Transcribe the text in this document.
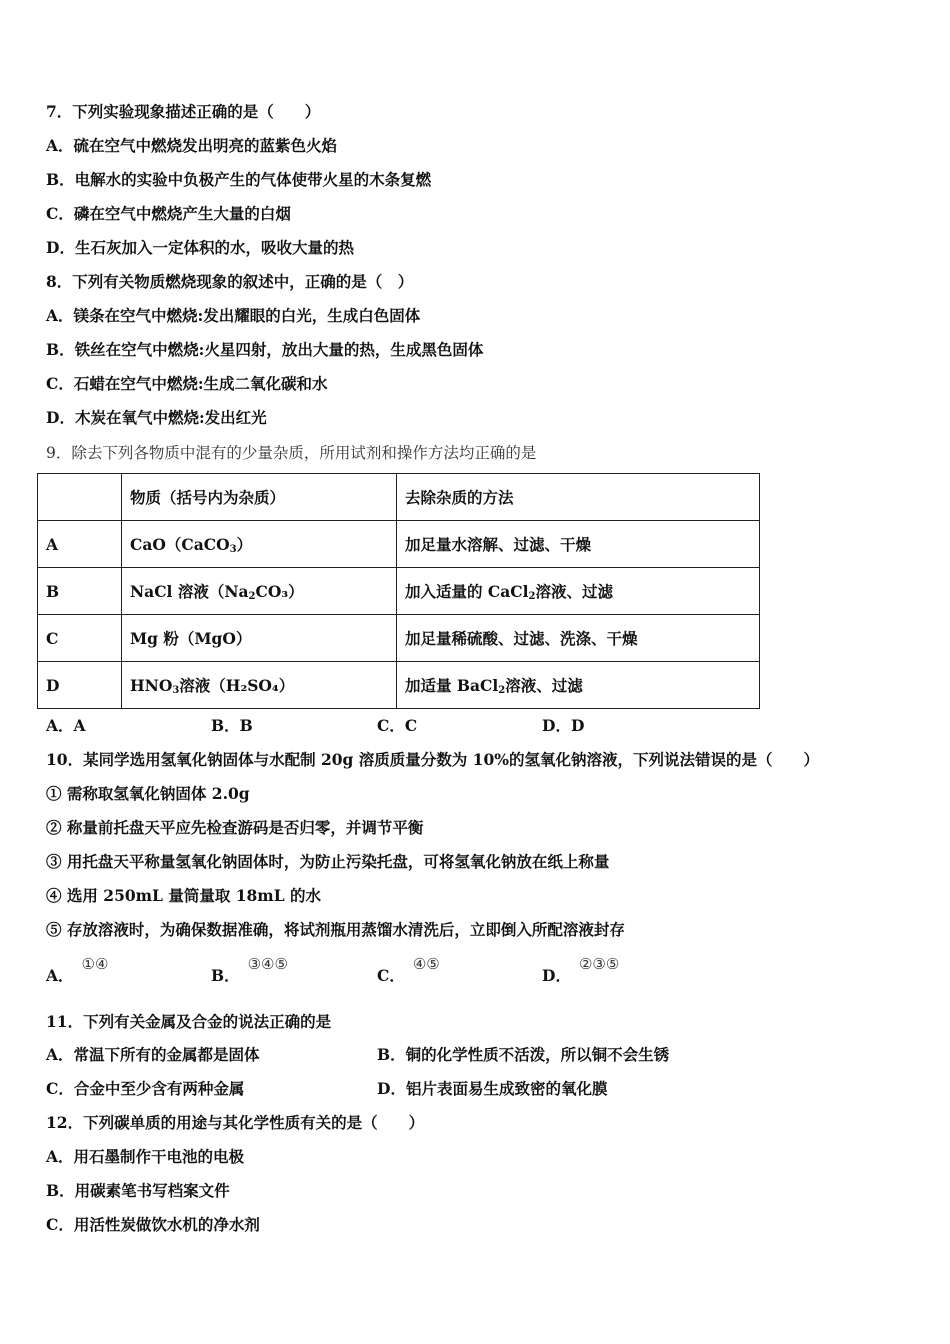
7．下列实验现象描述正确的是（　　）
A．硫在空气中燃烧发出明亮的蓝紫色火焰
B．电解水的实验中负极产生的气体使带火星的木条复燃
C．磷在空气中燃烧产生大量的白烟
D．生石灰加入一定体积的水，吸收大量的热
8．下列有关物质燃烧现象的叙述中，正确的是（　）
A．镁条在空气中燃烧:发出耀眼的白光，生成白色固体
B．铁丝在空气中燃烧:火星四射，放出大量的热，生成黑色固体
C．石蜡在空气中燃烧:生成二氧化碳和水
D．木炭在氧气中燃烧:发出红光
9．除去下列各物质中混有的少量杂质，所用试剂和操作方法均正确的是
	物质（括号内为杂质）	去除杂质的方法
A	CaO（CaCO$_3$）	加足量水溶解、过滤、干燥
B	NaCl 溶液$(Na_2CO_3)$	加入适量的 CaCl$_2$溶液、过滤
C	Mg 粉（MgO）	加足量稀硫酸、过滤、洗涤、干燥
D	$HNO_3$溶液（H₂SO₄）	加适量 BaCl$_2$溶液、过滤
A．A	B．B	C．C	D．D
10．某同学选用氢氧化钠固体与水配制 20g 溶质质量分数为 10%的氢氧化钠溶液，下列说法错误的是（　　）
① 需称取氢氧化钠固体 2.0g
② 称量前托盘天平应先检查游码是否归零，并调节平衡
③ 用托盘天平称量氢氧化钠固体时，为防止污染托盘，可将氢氧化钠放在纸上称量
④ 选用 250mL 量筒量取 18mL 的水
⑤ 存放溶液时，为确保数据准确，将试剂瓶用蒸馏水清洗后，立即倒入所配溶液封存
A．①④
B．③④⑤
C．④⑤
D．②③⑤
11．下列有关金属及合金的说法正确的是
A．常温下所有的金属都是固体	B．铜的化学性质不活泼，所以铜不会生锈
C．合金中至少含有两种金属	D．铝片表面易生成致密的氧化膜
12．下列碳单质的用途与其化学性质有关的是（　　）
A．用石墨制作干电池的电极
B．用碳素笔书写档案文件
C．用活性炭做饮水机的净水剂
